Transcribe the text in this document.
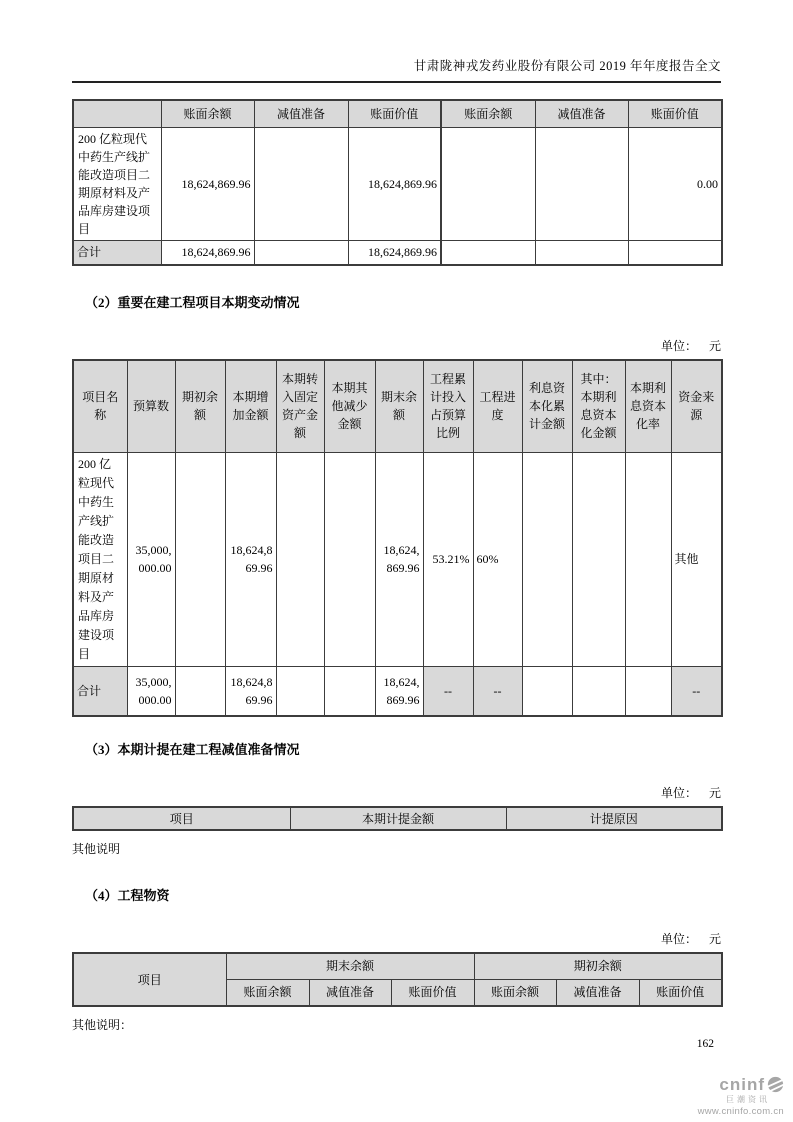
甘肃陇神戎发药业股份有限公司 2019 年年度报告全文
	账面余额	减值准备	账面价值	账面余额	减值准备	账面价值
200 亿粒现代中药生产线扩能改造项目二期原材料及产品库房建设项目	18,624,869.96		18,624,869.96			0.00
合计	18,624,869.96		18,624,869.96			
（2）重要在建工程项目本期变动情况
单位： 元
项目名称	预算数	期初余额	本期增加金额	本期转入固定资产金额	本期其他减少金额	期末余额	工程累计投入占预算比例	工程进度	利息资本化累计金额	其中：本期利息资本化金额	本期利息资本化率	资金来源
200 亿粒现代中药生产线扩能改造项目二期原材料及产品库房建设项目	35,000,000.00		18,624,869.96			18,624,869.96	53.21%	60%				其他
合计	35,000,000.00		18,624,869.96			18,624,869.96	--	--				--
（3）本期计提在建工程减值准备情况
单位： 元
项目	本期计提金额	计提原因
其他说明
（4）工程物资
单位： 元
项目	期末余额			期初余额		
	账面余额	减值准备	账面价值	账面余额	减值准备	账面价值
其他说明：
162
cninf
巨潮资讯
www.cninfo.com.cn
